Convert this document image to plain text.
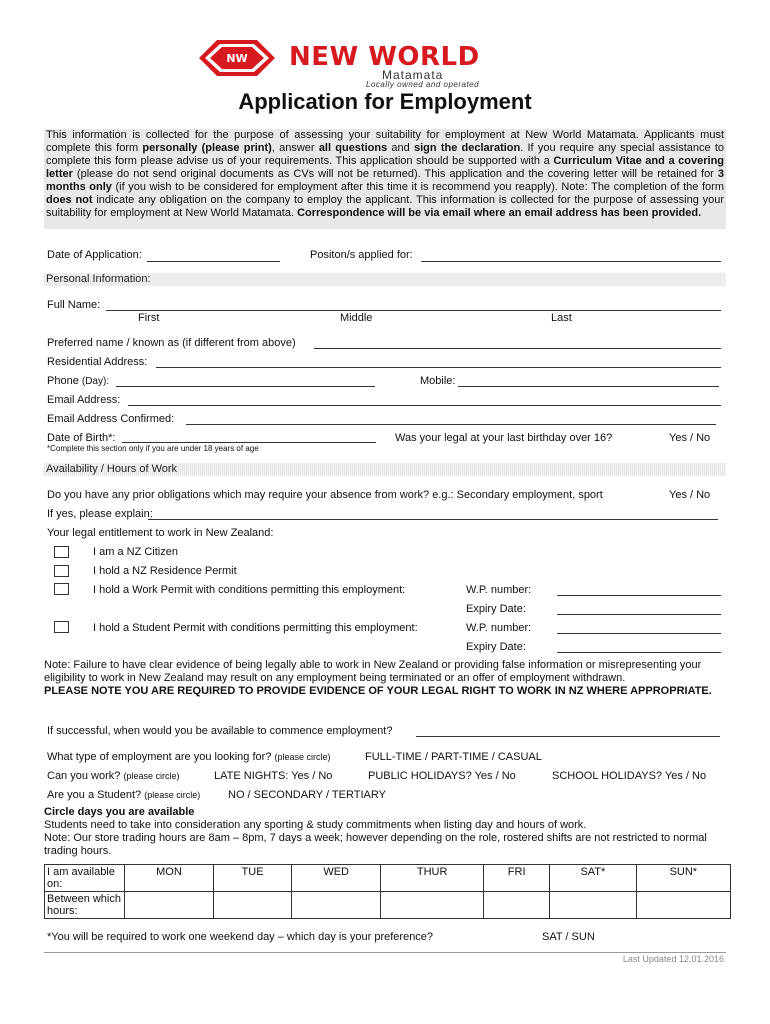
NW NEW WORLD
Matamata
Locally owned and operated
Application for Employment
This information is collected for the purpose of assessing your suitability for employment at New World Matamata. Applicants must complete this form personally (please print), answer all questions and sign the declaration. If you require any special assistance to complete this form please advise us of your requirements. This application should be supported with a Curriculum Vitae and a covering letter (please do not send original documents as CVs will not be returned). This application and the covering letter will be retained for 3 months only (if you wish to be considered for employment after this time it is recommend you reapply). Note: The completion of the form does not indicate any obligation on the company to employ the applicant. This information is collected for the purpose of assessing your suitability for employment at New World Matamata. Correspondence will be via email where an email address has been provided.
Date of Application:	Positon/s applied for:
Personal Information:
Full Name:
First	Middle	Last
Preferred name / known as (if different from above)
Residential Address:
Phone (Day):	Mobile:
Email Address:
Email Address Confirmed:
Date of Birth*:
*Complete this section only if you are under 18 years of age
Was your legal at your last birthday over 16?	Yes / No
Availability / Hours of Work
Do you have any prior obligations which may require your absence from work? e.g.: Secondary employment, sport	Yes / No
If yes, please explain:
Your legal entitlement to work in New Zealand:
I am a NZ Citizen
I hold a NZ Residence Permit
I hold a Work Permit with conditions permitting this employment:	W.P. number:
Expiry Date:
I hold a Student Permit with conditions permitting this employment:	W.P. number:
Expiry Date:
Note: Failure to have clear evidence of being legally able to work in New Zealand or providing false information or misrepresenting your eligibility to work in New Zealand may result on any employment being terminated or an offer of employment withdrawn.
PLEASE NOTE YOU ARE REQUIRED TO PROVIDE EVIDENCE OF YOUR LEGAL RIGHT TO WORK IN NZ WHERE APPROPRIATE.
If successful, when would you be available to commence employment?
What type of employment are you looking for? (please circle)	FULL-TIME / PART-TIME / CASUAL
Can you work? (please circle)	LATE NIGHTS: Yes / No	PUBLIC HOLIDAYS? Yes / No	SCHOOL HOLIDAYS? Yes / No
Are you a Student? (please circle)	NO / SECONDARY / TERTIARY
Circle days you are available
Students need to take into consideration any sporting & study commitments when listing day and hours of work.
Note: Our store trading hours are 8am – 8pm, 7 days a week; however depending on the role, rostered shifts are not restricted to normal trading hours.
I am available on:	MON	TUE	WED	THUR	FRI	SAT*	SUN*
Between which hours:							
*You will be required to work one weekend day – which day is your preference?	SAT / SUN
Last Updated 12.01.2016
